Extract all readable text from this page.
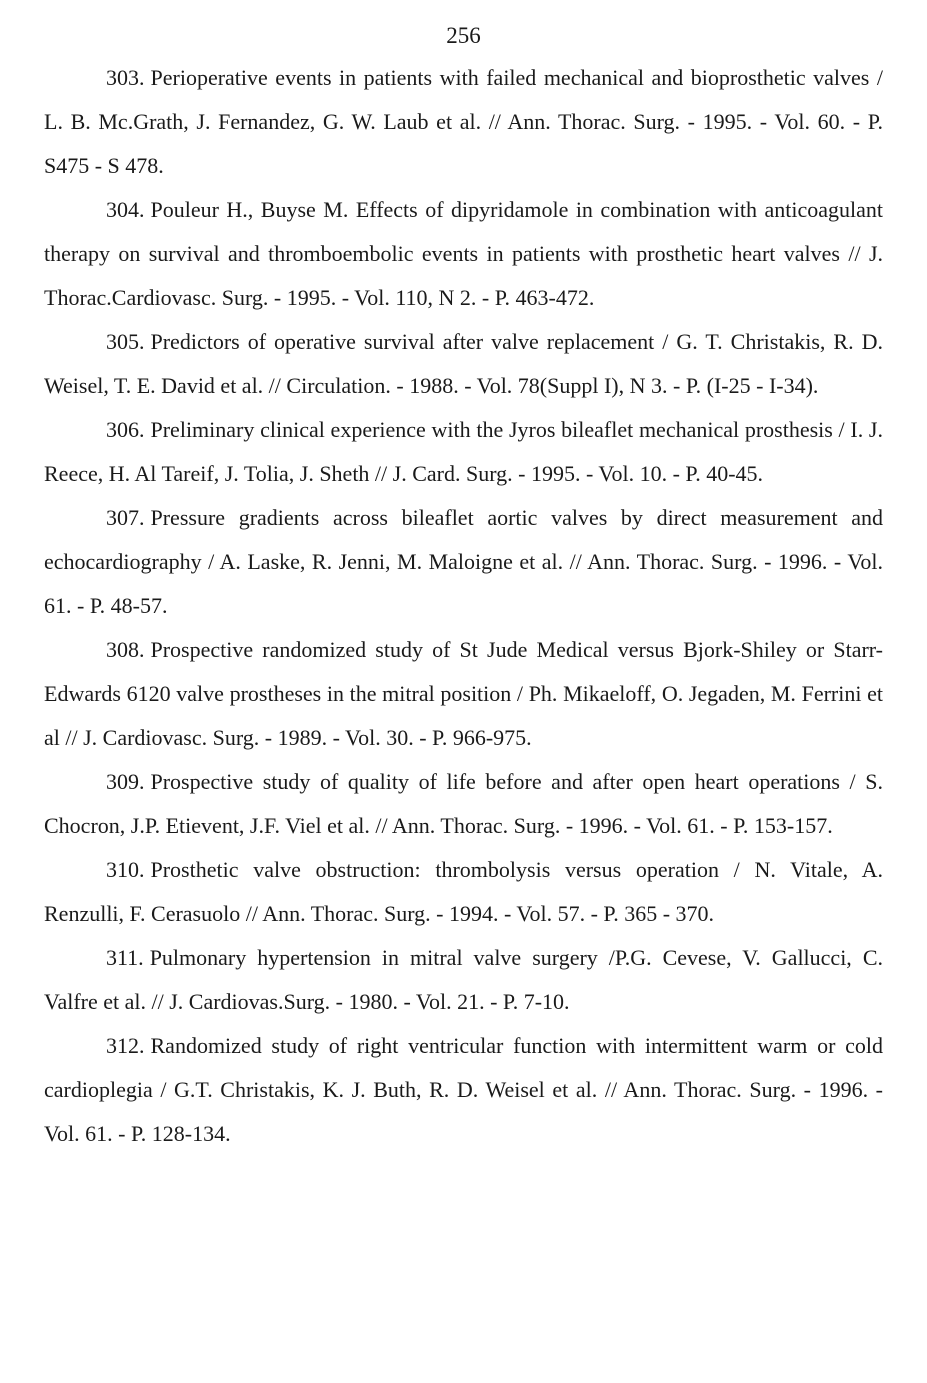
256

303. Perioperative events in patients with failed mechanical and bioprosthetic valves / L. B. Mc.Grath, J. Fernandez, G. W. Laub et al. // Ann. Thorac. Surg. - 1995. - Vol. 60. - P. S475 - S 478.

304. Pouleur H., Buyse M. Effects of dipyridamole in combination with anticoagulant therapy on survival and thromboembolic events in patients with prosthetic heart valves // J. Thorac.Cardiovasc. Surg. - 1995. - Vol. 110, N 2. - P. 463-472.

305. Predictors of operative survival after valve replacement / G. T. Christakis, R. D. Weisel, T. E. David et al. // Circulation. - 1988. - Vol. 78(Suppl I), N 3. - P. (I-25 - I-34).

306. Preliminary clinical experience with the Jyros bileaflet mechanical prosthesis / I. J. Reece, H. Al Tareif, J. Tolia, J. Sheth // J. Card. Surg. - 1995. - Vol. 10. - P. 40-45.

307. Pressure gradients across bileaflet aortic valves by direct measurement and echocardiography / A. Laske, R. Jenni, M. Maloigne et al. // Ann. Thorac. Surg. - 1996. - Vol. 61. - P. 48-57.

308. Prospective randomized study of St Jude Medical versus Bjork-Shiley or Starr-Edwards 6120 valve prostheses in the mitral position / Ph. Mikaeloff, O. Jegaden, M. Ferrini et al // J. Cardiovasc. Surg. - 1989. - Vol. 30. - P. 966-975.

309. Prospective study of quality of life before and after open heart operations / S. Chocron, J.P. Etievent, J.F. Viel et al. // Ann. Thorac. Surg. - 1996. - Vol. 61. - P. 153-157.

310. Prosthetic valve obstruction: thrombolysis versus operation / N. Vitale, A. Renzulli, F. Cerasuolo // Ann. Thorac. Surg. - 1994. - Vol. 57. - P. 365 - 370.

311. Pulmonary hypertension in mitral valve surgery /P.G. Cevese, V. Gallucci, C. Valfre et al. // J. Cardiovas.Surg. - 1980. - Vol. 21. - P. 7-10.

312. Randomized study of right ventricular function with intermittent warm or cold cardioplegia / G.T. Christakis, K. J. Buth, R. D. Weisel et al. // Ann. Thorac. Surg. - 1996. - Vol. 61. - P. 128-134.
